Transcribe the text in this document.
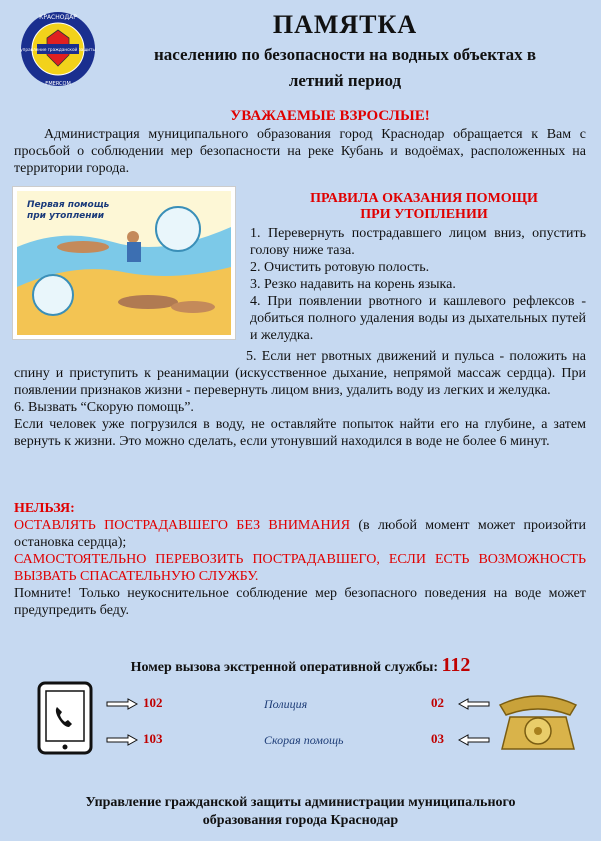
КРАСНОДАР
управление гражданской защиты
EMERCOM
ПАМЯТКА
населению по безопасности на водных объектах в
летний период
УВАЖАЕМЫЕ ВЗРОСЛЫЕ!
Администрация муниципального образования город Краснодар обращается к Вам с просьбой о соблюдении мер безопасности на реке Кубань и водоёмах, расположенных на территории города.
Первая помощь
при утоплении
ПРАВИЛА ОКАЗАНИЯ ПОМОЩИ
ПРИ УТОПЛЕНИИ
1. Перевернуть пострадавшего лицом вниз, опустить голову ниже таза.
2. Очистить ротовую полость.
3. Резко надавить на корень языка.
4. При появлении рвотного и кашлевого рефлексов - добиться полного удаления воды из дыхательных путей и желудка.
5. Если нет рвотных движений и пульса - положить на спину и приступить к реанимации (искусственное дыхание, непрямой массаж сердца). При появлении признаков жизни - перевернуть лицом вниз, удалить воду из легких и желудка.
6. Вызвать “Скорую помощь”.
Если человек уже погрузился в воду, не оставляйте попыток найти его на глубине, а затем вернуть к жизни. Это можно сделать, если утонувший находился в воде не более 6 минут.
НЕЛЬЗЯ:
ОСТАВЛЯТЬ ПОСТРАДАВШЕГО БЕЗ ВНИМАНИЯ (в любой момент может произойти остановка сердца);
САМОСТОЯТЕЛЬНО ПЕРЕВОЗИТЬ ПОСТРАДАВШЕГО, ЕСЛИ ЕСТЬ ВОЗМОЖНОСТЬ ВЫЗВАТЬ СПАСАТЕЛЬНУЮ СЛУЖБУ.
Помните! Только неукоснительное соблюдение мер безопасного поведения на воде может предупредить беду.
Номер вызова экстренной оперативной службы: 112
102	Полиция	02
103	Скорая помощь	03
Управление гражданской защиты администрации муниципального
образования города Краснодар
